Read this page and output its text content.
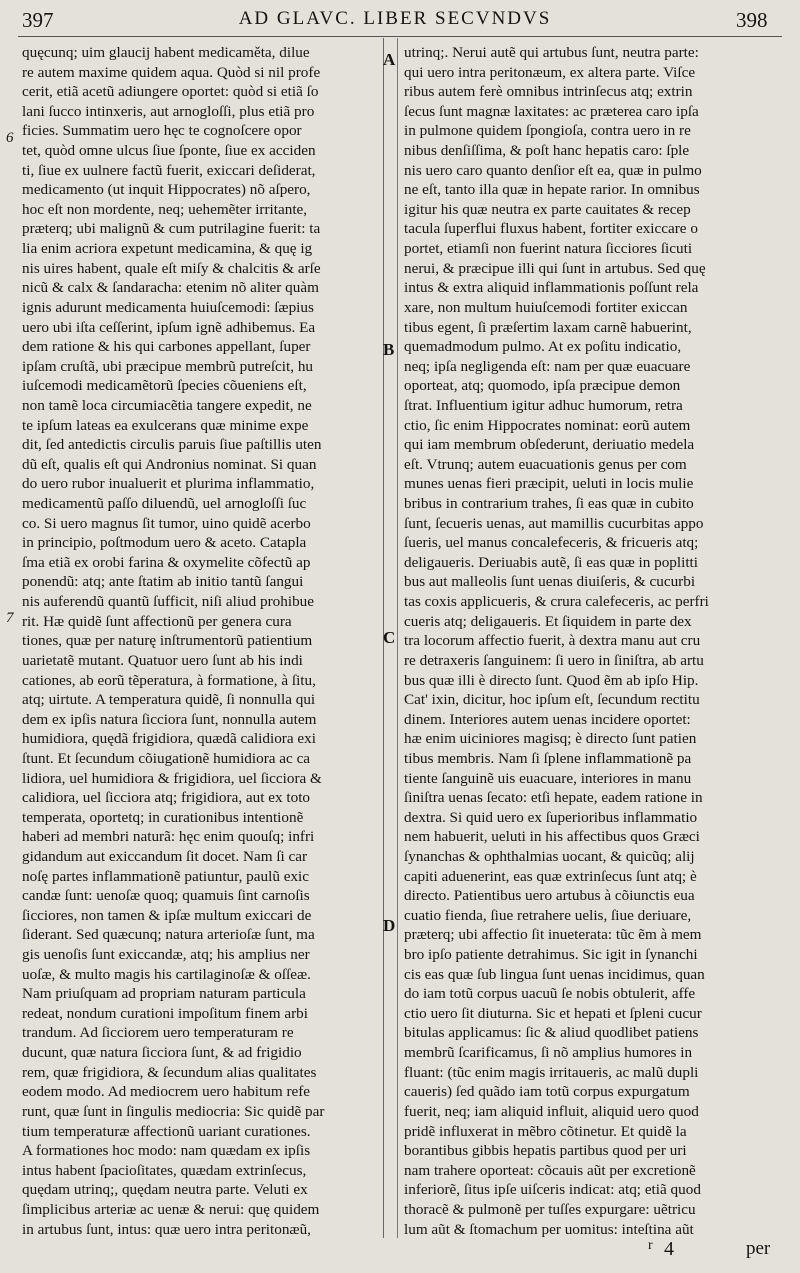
397	AD GLAVC. LIBER SECVNDVS	398
quęcunq; uim glaucij habent medicaměta, dilue
re autem maxime quidem aqua. Quòd si nil profe
cerit, etiã acetũ adiungere oportet: quòd si etiã ſo
lani ſucco intinxeris, aut arnogloſſi, plus etiã pro
ficies. Summatim uero hęc te cognoſcere opor
tet, quòd omne ulcus ſiue ſponte, ſiue ex acciden
ti, ſiue ex uulnere factũ fuerit, exiccari deſiderat,
medicamento (ut inquit Hippocrates) nõ aſpero,
hoc eſt non mordente, neq; uehemẽter irritante,
præterq; ubi malignũ & cum putrilagine fuerit: ta
lia enim acriora expetunt medicamina, & quę ig
nis uires habent, quale eſt miſy & chalcitis & arſe
nicũ & calx & ſandaracha: etenim nõ aliter quàm
ignis adurunt medicamenta huiuſcemodi: ſæpius
uero ubi iſta ceſſerint, ipſum ignẽ adhibemus. Ea
dem ratione & his qui carbones appellant, ſuper
ipſam cruſtã, ubi præcipue membrũ putreſcit, hu
iuſcemodi medicamẽtorũ ſpecies cõueniens eſt,
non tamẽ loca circumiacẽtia tangere expedit, ne
te ipſum lateas ea exulcerans quæ minime expe
dit, ſed antedictis circulis paruis ſiue paſtillis uten
dũ eſt, qualis eſt qui Andronius nominat. Si quan
do uero rubor inualuerit et plurima inflammatio,
medicamentũ paſſo diluendũ, uel arnogloſſi ſuc
co. Si uero magnus ſit tumor, uino quidẽ acerbo
in principio, poſtmodum uero & aceto. Catapla
ſma etiã ex orobi farina & oxymelite cõfectũ ap
ponendũ: atq; ante ſtatim ab initio tantũ ſangui
nis auferendũ quantũ ſufficit, niſi aliud prohibue
rit. Hæ quidẽ ſunt affectionũ per genera cura
tiones, quæ per naturę inſtrumentorũ patientium
uarietatẽ mutant. Quatuor uero ſunt ab his indi
cationes, ab eorũ tẽperatura, à formatione, à ſitu,
atq; uirtute. A temperatura quidẽ, ſi nonnulla qui
dem ex ipſis natura ſicciora ſunt, nonnulla autem
humidiora, quędã frigidiora, quædã calidiora exi
ſtunt. Et ſecundum cõiugationẽ humidiora ac ca
lidiora, uel humidiora & frigidiora, uel ſicciora &
calidiora, uel ſicciora atq; frigidiora, aut ex toto
temperata, oportetq; in curationibus intentionẽ
haberi ad membri naturã: hęc enim quouſq; infri
gidandum aut exiccandum ſit docet. Nam ſi car
noſę partes inflammationẽ patiuntur, paulũ exic
candæ ſunt: uenoſæ quoq; quamuis ſint carnoſis
ſicciores, non tamen & ipſæ multum exiccari de
ſiderant. Sed quæcunq; natura arterioſæ ſunt, ma
gis uenoſis ſunt exiccandæ, atq; his amplius ner
uoſæ, & multo magis his cartilaginoſæ & oſſeæ.
Nam priuſquam ad propriam naturam particula
redeat, nondum curationi impoſitum finem arbi
trandum. Ad ſicciorem uero temperaturam re
ducunt, quæ natura ſicciora ſunt, & ad frigidio
rem, quæ frigidiora, & ſecundum alias qualitates
eodem modo. Ad mediocrem uero habitum refe
runt, quæ ſunt in ſingulis mediocria: Sic quidẽ par
tium temperaturæ affectionũ uariant curationes.
A formationes hoc modo: nam quædam ex ipſis
intus habent ſpacioſitates, quædam extrinſecus,
quędam utrinq;, quędam neutra parte. Veluti ex
ſimplicibus arteriæ ac uenæ & nerui: quę quidem
in artubus ſunt, intus: quæ uero intra peritonæũ,
utrinq;. Nerui autẽ qui artubus ſunt, neutra parte:
qui uero intra peritonæum, ex altera parte. Viſce
ribus autem ferè omnibus intrinſecus atq; extrin
ſecus ſunt magnæ laxitates: ac præterea caro ipſa
in pulmone quidem ſpongioſa, contra uero in re
nibus denſiſſima, & poſt hanc hepatis caro: ſple
nis uero caro quanto denſior eſt ea, quæ in pulmo
ne eſt, tanto illa quæ in hepate rarior. In omnibus
igitur his quæ neutra ex parte cauitates & recep
tacula ſuperflui fluxus habent, fortiter exiccare o
portet, etiamſi non fuerint natura ſicciores ſicuti
nerui, & præcipue illi qui ſunt in artubus. Sed quę
intus & extra aliquid inflammationis poſſunt rela
xare, non multum huiuſcemodi fortiter exiccan
tibus egent, ſi præſertim laxam carnẽ habuerint,
quemadmodum pulmo. At ex poſitu indicatio,
neq; ipſa negligenda eſt: nam per quæ euacuare
oporteat, atq; quomodo, ipſa præcipue demon
ſtrat. Influentium igitur adhuc humorum, retra
ctio, ſic enim Hippocrates nominat: eorũ autem
qui iam membrum obſederunt, deriuatio medela
eſt. Vtrunq; autem euacuationis genus per com
munes uenas fieri præcipit, ueluti in locis mulie
bribus in contrarium trahes, ſi eas quæ in cubito
ſunt, ſecueris uenas, aut mamillis cucurbitas appo
ſueris, uel manus concalefeceris, & fricueris atq;
deligaueris. Deriuabis autẽ, ſi eas quæ in poplitti
bus aut malleolis ſunt uenas diuiſeris, & cucurbi
tas coxis applicueris, & crura calefeceris, ac perfri
cueris atq; deligaueris. Et ſiquidem in parte dex
tra locorum affectio fuerit, à dextra manu aut cru
re detraxeris ſanguinem: ſi uero in ſiniſtra, ab artu
bus quæ illi è directo ſunt. Quod ẽm ab ipſo Hip.
Cat' ixin, dicitur, hoc ipſum eſt, ſecundum rectitu
dinem. Interiores autem uenas incidere oportet:
hæ enim uiciniores magisq; è directo ſunt patien
tibus membris. Nam ſi ſplene inflammationẽ pa
tiente ſanguinẽ uis euacuare, interiores in manu
ſiniſtra uenas ſecato: etſi hepate, eadem ratione in
dextra. Si quid uero ex ſuperioribus inflammatio
nem habuerit, ueluti in his affectibus quos Græci
ſynanchas & ophthalmias uocant, & quicũq; alij
capiti aduenerint, eas quæ extrinſecus ſunt atq; è
directo. Patientibus uero artubus à cõiunctis eua
cuatio fienda, ſiue retrahere uelis, ſiue deriuare,
præterq; ubi affectio ſit inueterata: tũc ẽm à mem
bro ipſo patiente detrahimus. Sic igit in ſynanchi
cis eas quæ ſub lingua ſunt uenas incidimus, quan
do iam totũ corpus uacuũ ſe nobis obtulerit, affe
ctio uero ſit diuturna. Sic et hepati et ſpleni cucur
bitulas applicamus: ſic & aliud quodlibet patiens
membrũ ſcarificamus, ſi nõ amplius humores in
fluant: (tũc enim magis irritaueris, ac malũ dupli
caueris) ſed quãdo iam totũ corpus expurgatum
fuerit, neq; iam aliquid influit, aliquid uero quod
pridẽ influxerat in mẽbro cõtinetur. Et quidẽ la
borantibus gibbis hepatis partibus quod per uri
nam trahere oporteat: cõcauis aũt per excretionẽ
inferiorẽ, ſitus ipſe uiſceris indicat: atq; etiã quod
thoracẽ & pulmonẽ per tuſſes expurgare: uẽtricu
lum aũt & ſtomachum per uomitus: inteſtina aũt
6
7
A
B
C
D
r 4	per
